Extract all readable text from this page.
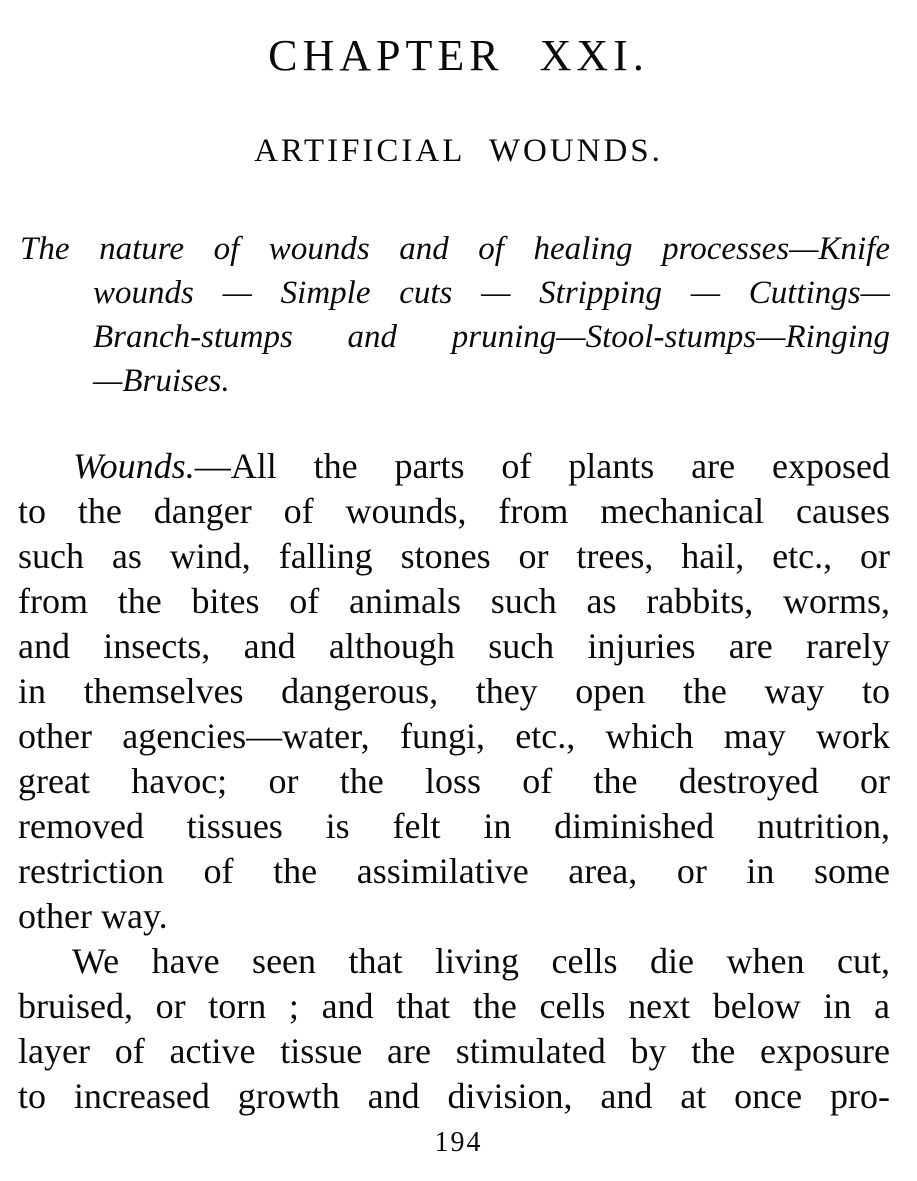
CHAPTER XXI.
ARTIFICIAL WOUNDS.
The nature of wounds and of healing processes—Knife
wounds — Simple cuts — Stripping — Cuttings—
Branch-stumps and pruning—Stool-stumps—Ringing
—Bruises.
Wounds.—All the parts of plants are exposed
to the danger of wounds, from mechanical causes
such as wind, falling stones or trees, hail, etc., or
from the bites of animals such as rabbits, worms,
and insects, and although such injuries are rarely
in themselves dangerous, they open the way to
other agencies—water, fungi, etc., which may work
great havoc; or the loss of the destroyed or
removed tissues is felt in diminished nutrition,
restriction of the assimilative area, or in some
other way.
We have seen that living cells die when cut,
bruised, or torn ; and that the cells next below in a
layer of active tissue are stimulated by the exposure
to increased growth and division, and at once pro-
194
